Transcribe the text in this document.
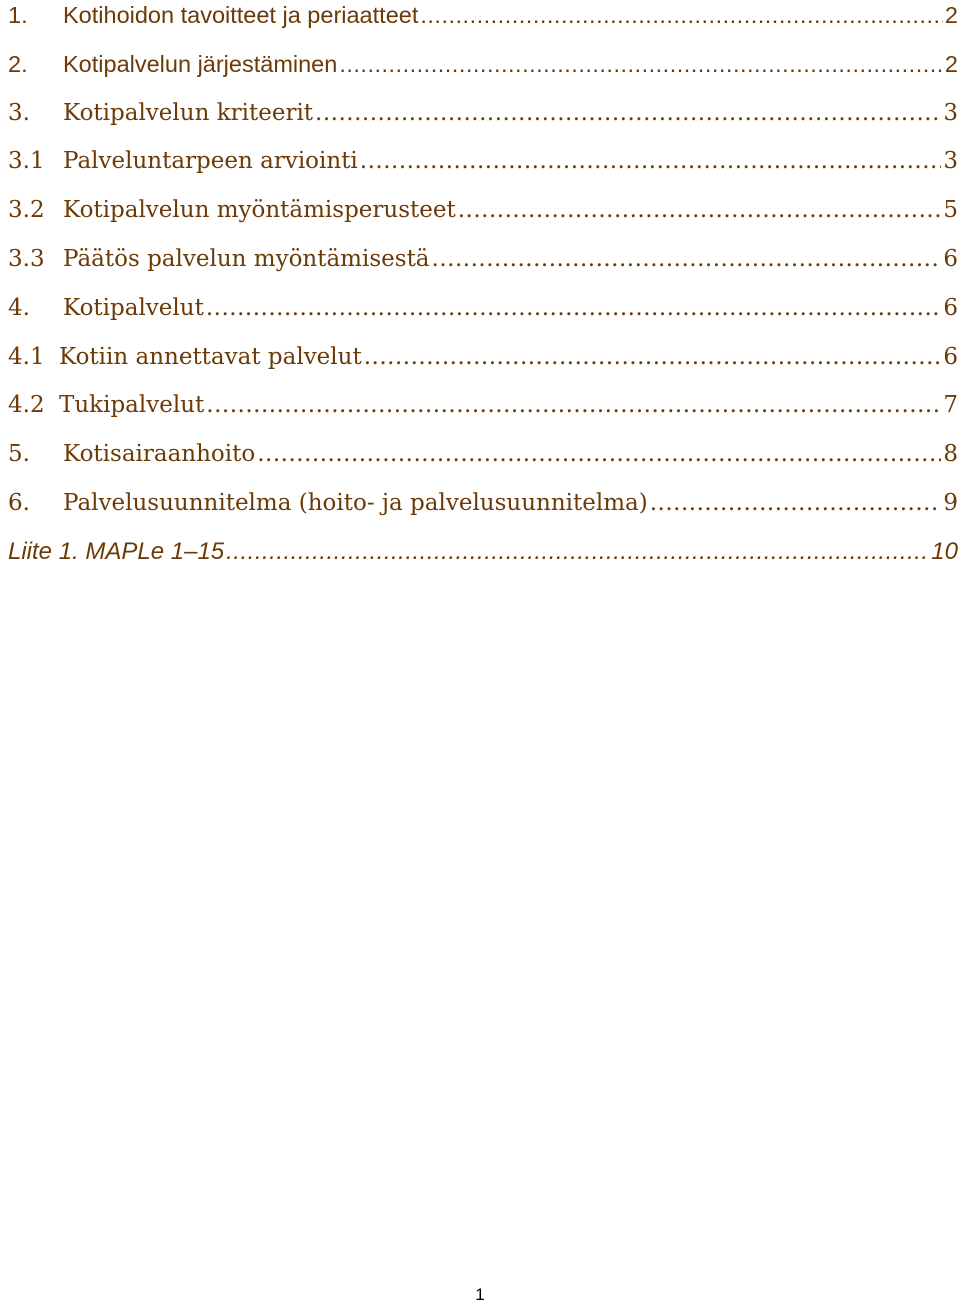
1.	Kotihoidon tavoitteet ja periaatteet .....	2
2.	Kotipalvelun järjestäminen .....	2
3.	Kotipalvelun kriteerit .....	3
3.1 Palveluntarpeen arviointi .....	3
3.2 Kotipalvelun myöntämisperusteet .....	5
3.3 Päätös palvelun myöntämisestä .....	6
4.	Kotipalvelut .....	6
4.1 Kotiin annettavat palvelut .....	6
4.2 Tukipalvelut .....	7
5.	Kotisairaanhoito .....	8
6.	Palvelusuunnitelma (hoito- ja palvelusuunnitelma) .....	9
Liite 1. MAPLe 1–15 .....	10
1
